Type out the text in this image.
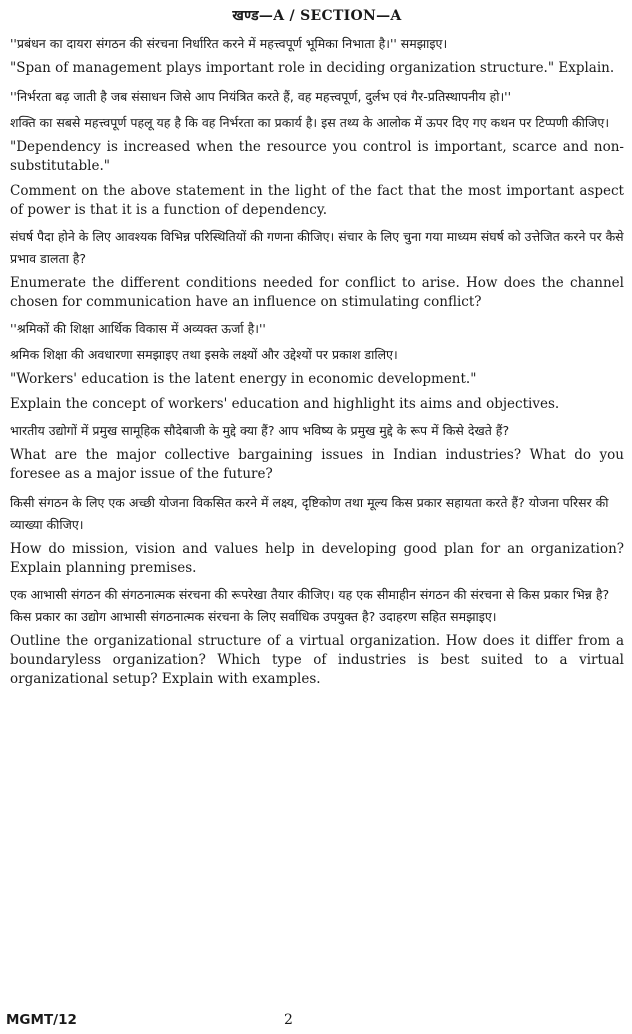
खण्ड—A / SECTION—A

''प्रबंधन का दायरा संगठन की संरचना निर्धारित करने में महत्त्वपूर्ण भूमिका निभाता है।'' समझाइए।

"Span of management plays important role in deciding organization structure." Explain.

''निर्भरता बढ़ जाती है जब संसाधन जिसे आप नियंत्रित करते हैं, वह महत्त्वपूर्ण, दुर्लभ एवं गैर-प्रतिस्थापनीय हो।''

शक्ति का सबसे महत्त्वपूर्ण पहलू यह है कि वह निर्भरता का प्रकार्य है। इस तथ्य के आलोक में ऊपर दिए गए कथन पर टिप्पणी कीजिए।

"Dependency is increased when the resource you control is important, scarce and non-substitutable."

Comment on the above statement in the light of the fact that the most important aspect of power is that it is a function of dependency.

संघर्ष पैदा होने के लिए आवश्यक विभिन्न परिस्थितियों की गणना कीजिए। संचार के लिए चुना गया माध्यम संघर्ष को उत्तेजित करने पर कैसे प्रभाव डालता है?

Enumerate the different conditions needed for conflict to arise. How does the channel chosen for communication have an influence on stimulating conflict?

''श्रमिकों की शिक्षा आर्थिक विकास में अव्यक्त ऊर्जा है।''

श्रमिक शिक्षा की अवधारणा समझाइए तथा इसके लक्ष्यों और उद्देश्यों पर प्रकाश डालिए।

"Workers' education is the latent energy in economic development."

Explain the concept of workers' education and highlight its aims and objectives.

भारतीय उद्योगों में प्रमुख सामूहिक सौदेबाजी के मुद्दे क्या हैं? आप भविष्य के प्रमुख मुद्दे के रूप में किसे देखते हैं?

What are the major collective bargaining issues in Indian industries? What do you foresee as a major issue of the future?

किसी संगठन के लिए एक अच्छी योजना विकसित करने में लक्ष्य, दृष्टिकोण तथा मूल्य किस प्रकार सहायता करते हैं? योजना परिसर की व्याख्या कीजिए।

How do mission, vision and values help in developing good plan for an organization? Explain planning premises.

एक आभासी संगठन की संगठनात्मक संरचना की रूपरेखा तैयार कीजिए। यह एक सीमाहीन संगठन की संरचना से किस प्रकार भिन्न है? किस प्रकार का उद्योग आभासी संगठनात्मक संरचना के लिए सर्वाधिक उपयुक्त है? उदाहरण सहित समझाइए।

Outline the organizational structure of a virtual organization. How does it differ from a boundaryless organization? Which type of industries is best suited to a virtual organizational setup? Explain with examples.

MGMT/12	2
